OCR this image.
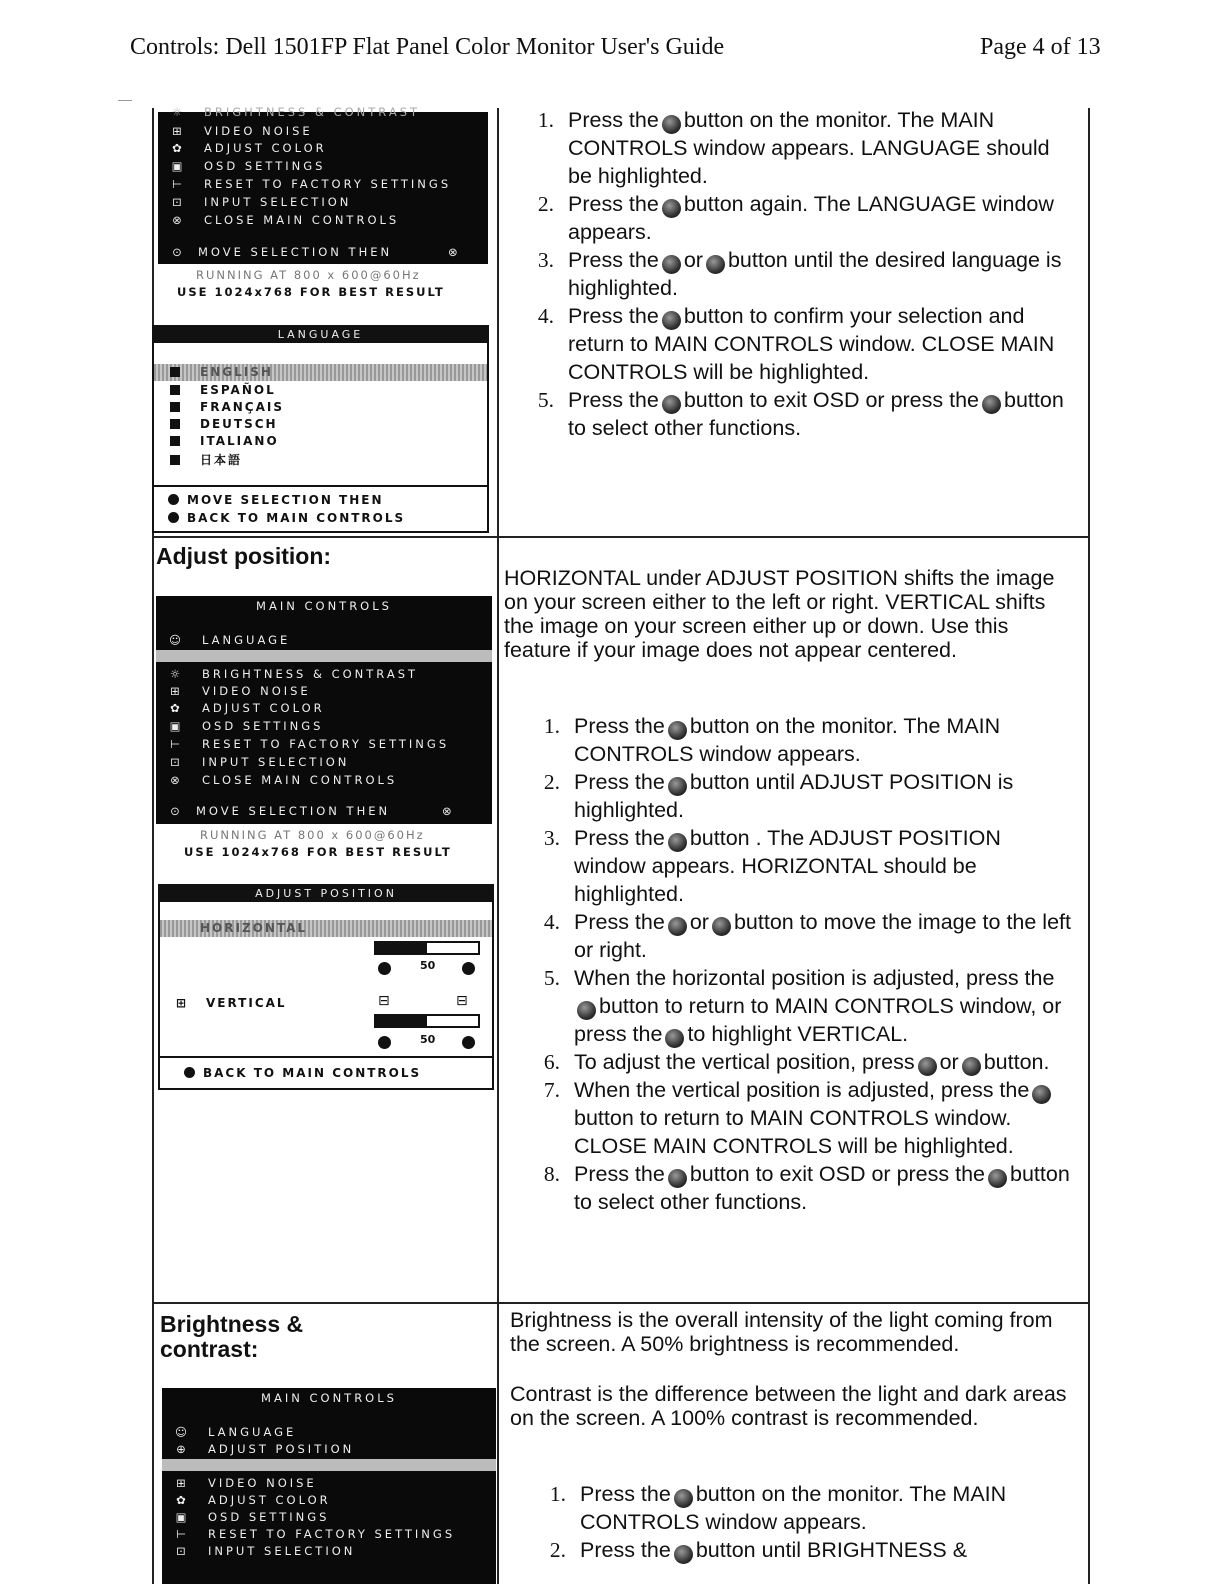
Controls: Dell 1501FP Flat Panel Color Monitor User's Guide	Page 4 of 13
☼ BRIGHTNESS & CONTRAST
⊞ VIDEO NOISE
✿ ADJUST COLOR
▣ OSD SETTINGS
⊢ RESET TO FACTORY SETTINGS
⊡ INPUT SELECTION
⊗ CLOSE MAIN CONTROLS
⊙ MOVE SELECTION THEN	⊗
RUNNING AT 800 x 600@60Hz
USE 1024x768 FOR BEST RESULT
LANGUAGE
ENGLISH
ESPAÑOL
FRANÇAIS
DEUTSCH
ITALIANO
日本語
MOVE SELECTION THEN
BACK TO MAIN CONTROLS
1. Press the button on the monitor. The MAIN CONTROLS window appears. LANGUAGE should be highlighted.
2. Press the button again. The LANGUAGE window appears.
3. Press the or button until the desired language is highlighted.
4. Press the button to confirm your selection and return to MAIN CONTROLS window. CLOSE MAIN CONTROLS will be highlighted.
5. Press the button to exit OSD or press the button to select other functions.
Adjust position:
MAIN CONTROLS
☺ LANGUAGE
☼ BRIGHTNESS & CONTRAST
⊞ VIDEO NOISE
✿ ADJUST COLOR
▣ OSD SETTINGS
⊢ RESET TO FACTORY SETTINGS
⊡ INPUT SELECTION
⊗ CLOSE MAIN CONTROLS
⊙ MOVE SELECTION THEN	⊗
RUNNING AT 800 x 600@60Hz
USE 1024x768 FOR BEST RESULT
ADJUST POSITION
HORIZONTAL
50
⊞ VERTICAL	⊟	⊟
50
BACK TO MAIN CONTROLS
HORIZONTAL under ADJUST POSITION shifts the image on your screen either to the left or right. VERTICAL shifts the image on your screen either up or down. Use this feature if your image does not appear centered.
1. Press the button on the monitor. The MAIN CONTROLS window appears.
2. Press the button until ADJUST POSITION is highlighted.
3. Press the button . The ADJUST POSITION window appears. HORIZONTAL should be highlighted.
4. Press the or button to move the image to the left or right.
5. When the horizontal position is adjusted, press thebutton to return to MAIN CONTROLS window, or press the to highlight VERTICAL.
6. To adjust the vertical position, press or button.
7. When the vertical position is adjusted, press thebutton to return to MAIN CONTROLS window. CLOSE MAIN CONTROLS will be highlighted.
8. Press the button to exit OSD or press the button to select other functions.
Brightness & contrast:
MAIN CONTROLS
☺ LANGUAGE
⊕ ADJUST POSITION
⊞ VIDEO NOISE
✿ ADJUST COLOR
▣ OSD SETTINGS
⊢ RESET TO FACTORY SETTINGS
⊡ INPUT SELECTION
Brightness is the overall intensity of the light coming from the screen. A 50% brightness is recommended.
Contrast is the difference between the light and dark areas on the screen. A 100% contrast is recommended.
1. Press the button on the monitor. The MAIN CONTROLS window appears.
2. Press the button until BRIGHTNESS &
